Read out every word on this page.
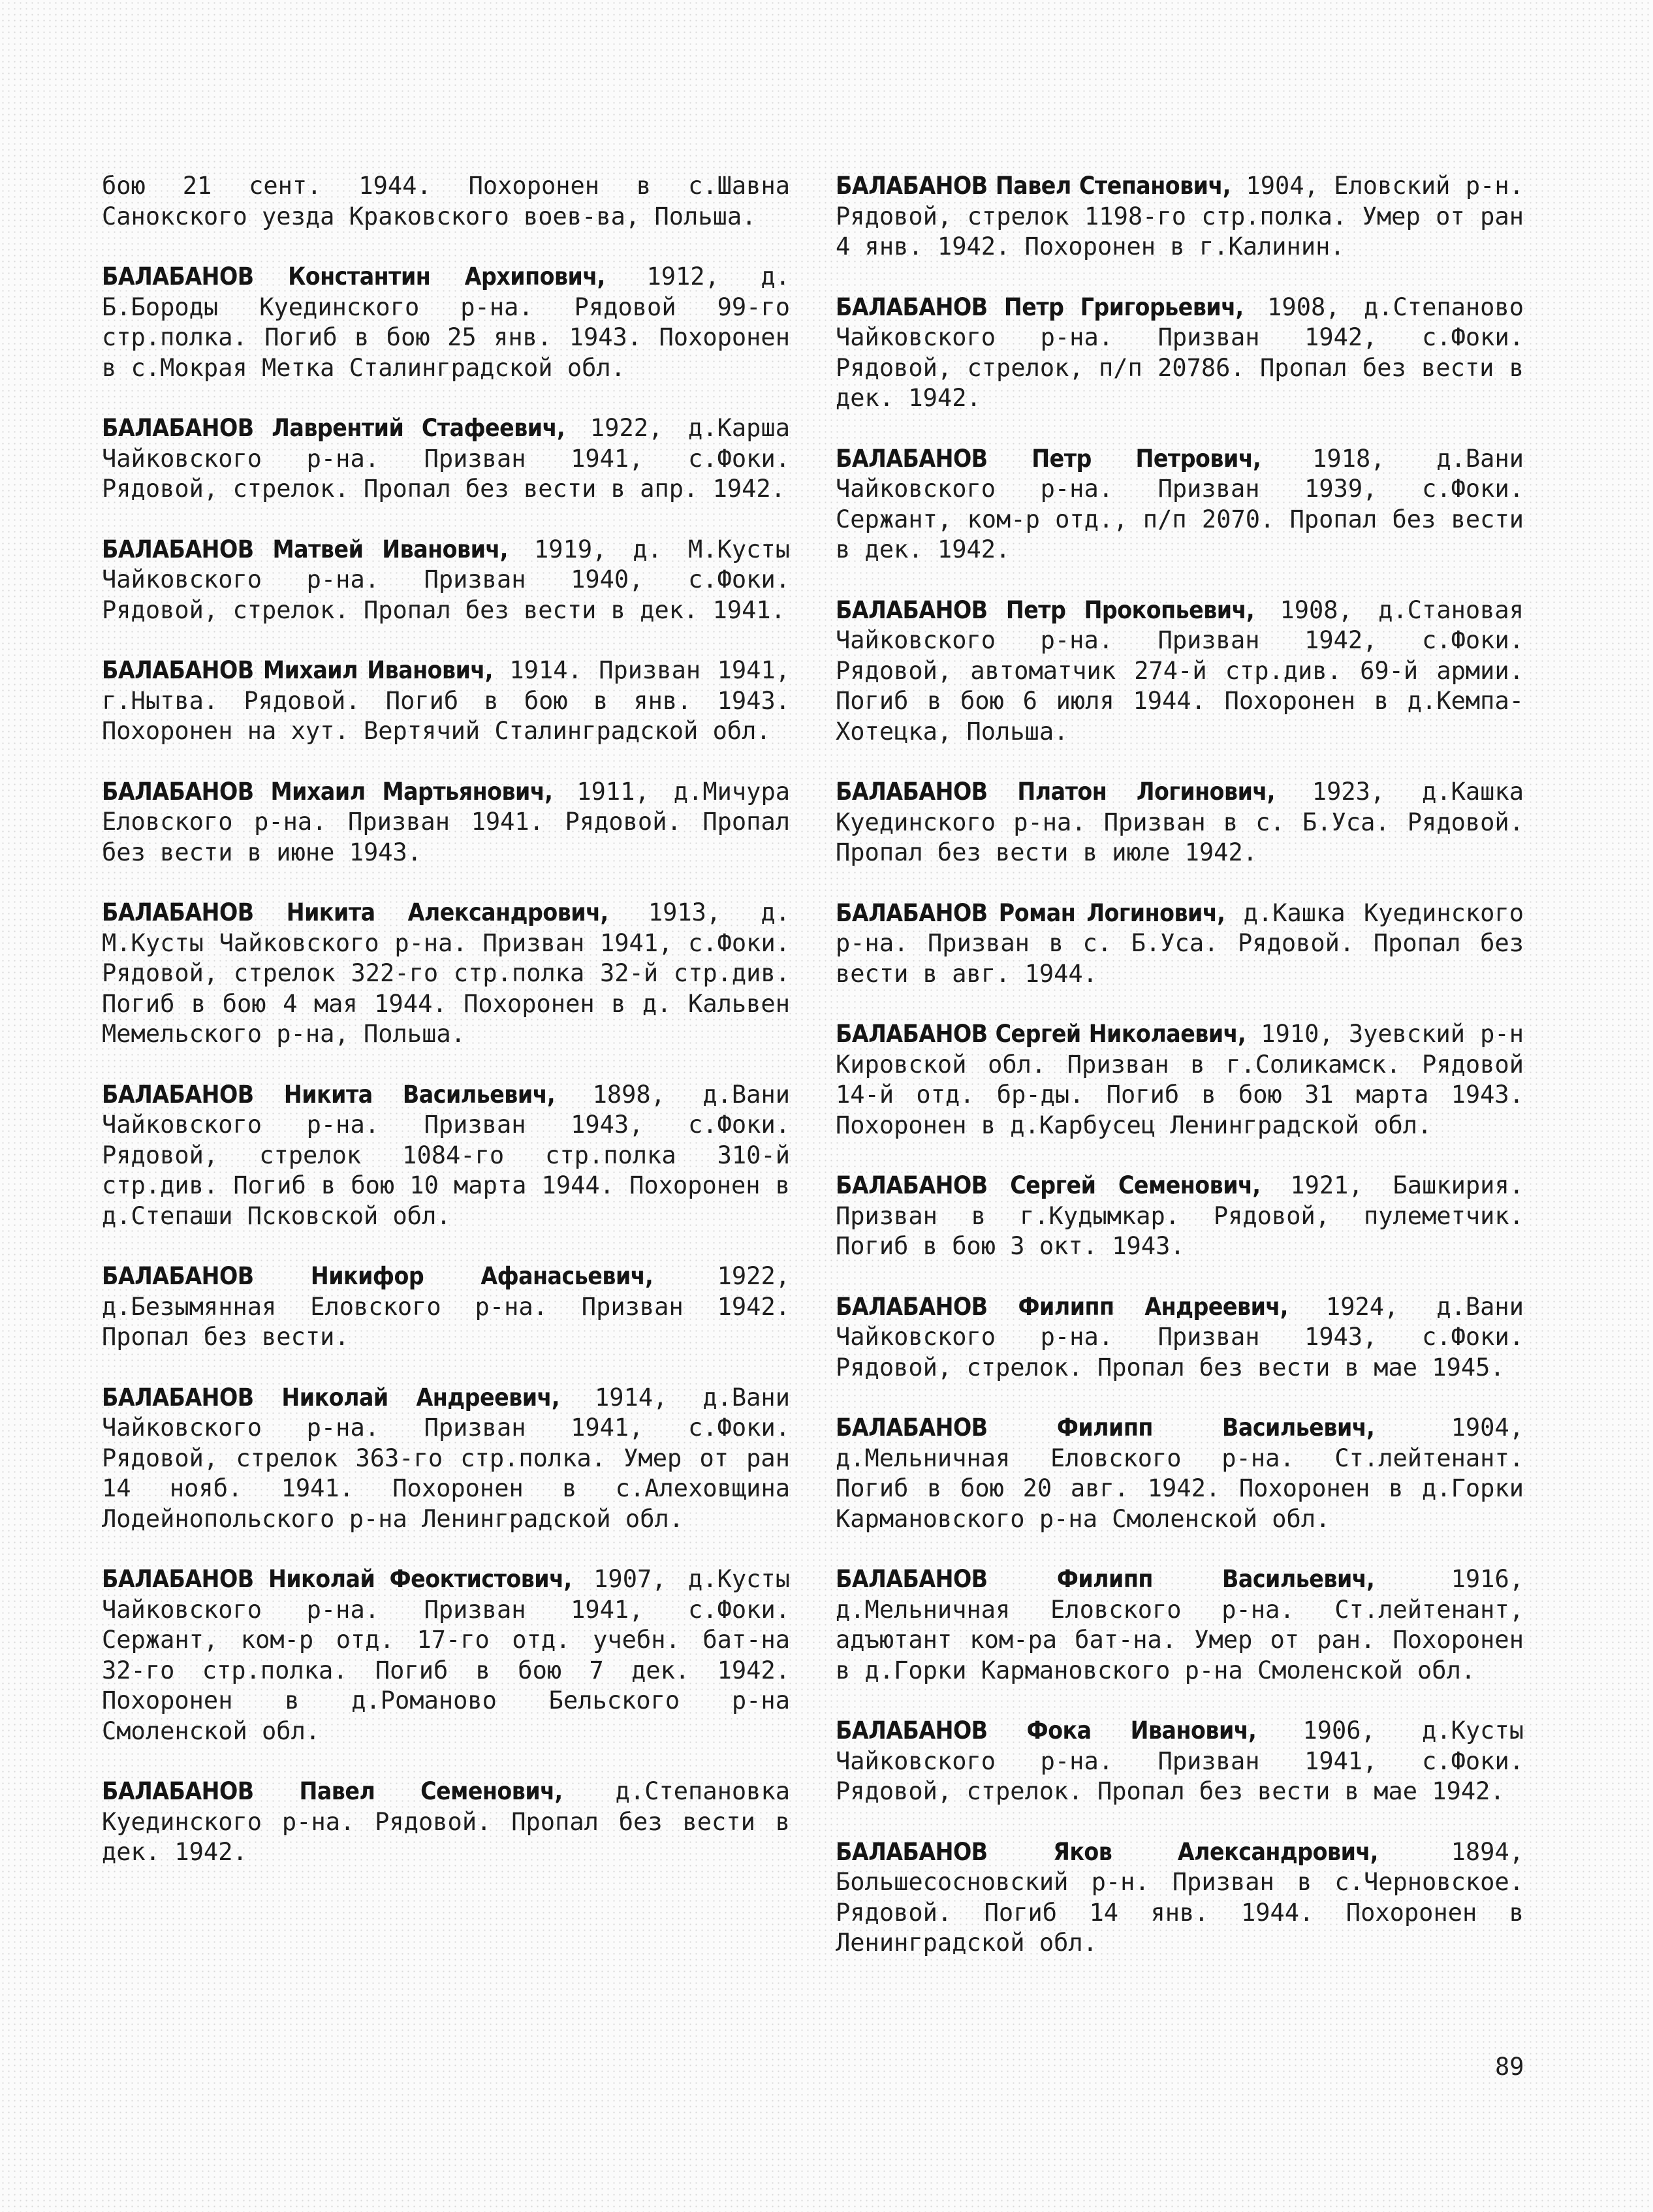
бою 21 сент. 1944. Похоронен в с.Шавна Санокского уезда Краковского воев-ва, Польша.

БАЛАБАНОВ Константин Архипович, 1912, д. Б.Бороды Куединского р-на. Рядовой 99-го стр.полка. Погиб в бою 25 янв. 1943. Похоронен в с.Мокрая Метка Сталинградской обл.

БАЛАБАНОВ Лаврентий Стафеевич, 1922, д.Карша Чайковского р-на. Призван 1941, с.Фоки. Рядовой, стрелок. Пропал без вести в апр. 1942.

БАЛАБАНОВ Матвей Иванович, 1919, д. М.Кусты Чайковского р-на. Призван 1940, с.Фоки. Рядовой, стрелок. Пропал без вести в дек. 1941.

БАЛАБАНОВ Михаил Иванович, 1914. Призван 1941, г.Нытва. Рядовой. Погиб в бою в янв. 1943. Похоронен на хут. Вертячий Сталинградской обл.

БАЛАБАНОВ Михаил Мартьянович, 1911, д.Мичура Еловского р-на. Призван 1941. Рядовой. Пропал без вести в июне 1943.

БАЛАБАНОВ Никита Александрович, 1913, д. М.Кусты Чайковского р-на. Призван 1941, с.Фоки. Рядовой, стрелок 322-го стр.полка 32-й стр.див. Погиб в бою 4 мая 1944. Похоронен в д. Кальвен Мемельского р-на, Польша.

БАЛАБАНОВ Никита Васильевич, 1898, д.Вани Чайковского р-на. Призван 1943, с.Фоки. Рядовой, стрелок 1084-го стр.полка 310-й стр.див. Погиб в бою 10 марта 1944. Похоронен в д.Степаши Псковской обл.

БАЛАБАНОВ Никифор Афанасьевич, 1922, д.Безымянная Еловского р-на. Призван 1942. Пропал без вести.

БАЛАБАНОВ Николай Андреевич, 1914, д.Вани Чайковского р-на. Призван 1941, с.Фоки. Рядовой, стрелок 363-го стр.полка. Умер от ран 14 нояб. 1941. Похоронен в с.Алеховщина Лодейнопольского р-на Ленинградской обл.

БАЛАБАНОВ Николай Феоктистович, 1907, д.Кусты Чайковского р-на. Призван 1941, с.Фоки. Сержант, ком-р отд. 17-го отд. учебн. бат-на 32-го стр.полка. Погиб в бою 7 дек. 1942. Похоронен в д.Романово Бельского р-на Смоленской обл.

БАЛАБАНОВ Павел Семенович, д.Степановка Куединского р-на. Рядовой. Пропал без вести в дек. 1942.

БАЛАБАНОВ Павел Степанович, 1904, Еловский р-н. Рядовой, стрелок 1198-го стр.полка. Умер от ран 4 янв. 1942. Похоронен в г.Калинин.

БАЛАБАНОВ Петр Григорьевич, 1908, д.Степаново Чайковского р-на. Призван 1942, с.Фоки. Рядовой, стрелок, п/п 20786. Пропал без вести в дек. 1942.

БАЛАБАНОВ Петр Петрович, 1918, д.Вани Чайковского р-на. Призван 1939, с.Фоки. Сержант, ком-р отд., п/п 2070. Пропал без вести в дек. 1942.

БАЛАБАНОВ Петр Прокопьевич, 1908, д.Становая Чайковского р-на. Призван 1942, с.Фоки. Рядовой, автоматчик 274-й стр.див. 69-й армии. Погиб в бою 6 июля 1944. Похоронен в д.Кемпа-Хотецка, Польша.

БАЛАБАНОВ Платон Логинович, 1923, д.Кашка Куединского р-на. Призван в с. Б.Уса. Рядовой. Пропал без вести в июле 1942.

БАЛАБАНОВ Роман Логинович, д.Кашка Куединского р-на. Призван в с. Б.Уса. Рядовой. Пропал без вести в авг. 1944.

БАЛАБАНОВ Сергей Николаевич, 1910, Зуевский р-н Кировской обл. Призван в г.Соликамск. Рядовой 14-й отд. бр-ды. Погиб в бою 31 марта 1943. Похоронен в д.Карбусец Ленинградской обл.

БАЛАБАНОВ Сергей Семенович, 1921, Башкирия. Призван в г.Кудымкар. Рядовой, пулеметчик. Погиб в бою 3 окт. 1943.

БАЛАБАНОВ Филипп Андреевич, 1924, д.Вани Чайковского р-на. Призван 1943, с.Фоки. Рядовой, стрелок. Пропал без вести в мае 1945.

БАЛАБАНОВ Филипп Васильевич, 1904, д.Мельничная Еловского р-на. Ст.лейтенант. Погиб в бою 20 авг. 1942. Похоронен в д.Горки Кармановского р-на Смоленской обл.

БАЛАБАНОВ Филипп Васильевич, 1916, д.Мельничная Еловского р-на. Ст.лейтенант, адъютант ком-ра бат-на. Умер от ран. Похоронен в д.Горки Кармановского р-на Смоленской обл.

БАЛАБАНОВ Фока Иванович, 1906, д.Кусты Чайковского р-на. Призван 1941, с.Фоки. Рядовой, стрелок. Пропал без вести в мае 1942.

БАЛАБАНОВ Яков Александрович, 1894, Большесосновский р-н. Призван в с.Черновское. Рядовой. Погиб 14 янв. 1944. Похоронен в Ленинградской обл.

89
